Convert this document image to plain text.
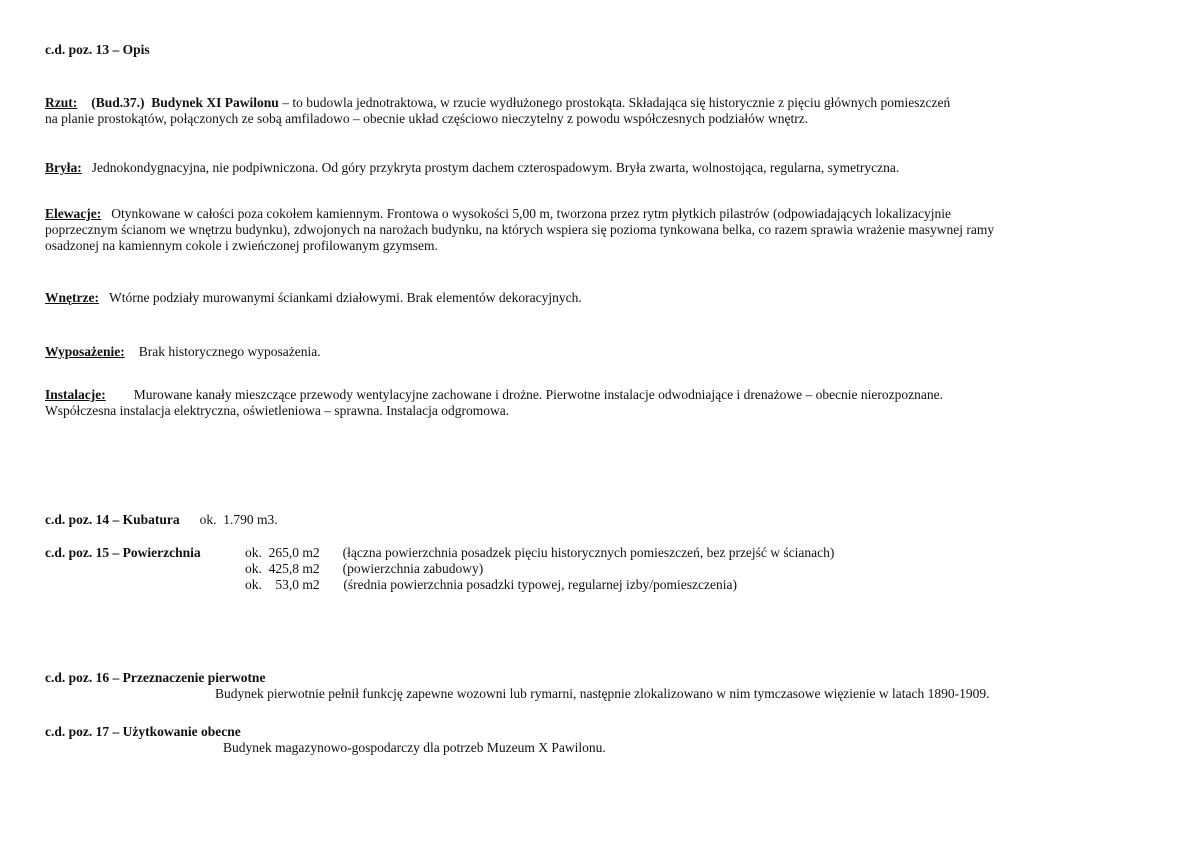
c.d. poz. 13 – Opis
Rzut: (Bud.37.) Budynek XI Pawilonu – to budowla jednotraktowa, w rzucie wydłużonego prostokąta. Składająca się historycznie z pięciu głównych pomieszczeń
na planie prostokątów, połączonych ze sobą amfiladowo – obecnie układ częściowo nieczytelny z powodu współczesnych podziałów wnętrz.
Bryła: Jednokondygnacyjna, nie podpiwniczona. Od góry przykryta prostym dachem czterospadowym. Bryła zwarta, wolnostojąca, regularna, symetryczna.
Elewacje: Otynkowane w całości poza cokołem kamiennym. Frontowa o wysokości 5,00 m, tworzona przez rytm płytkich pilastrów (odpowiadających lokalizacyjnie
poprzecznym ścianom we wnętrzu budynku), zdwojonych na narożach budynku, na których wspiera się pozioma tynkowana belka, co razem sprawia wrażenie masywnej ramy
osadzonej na kamiennym cokole i zwieńczonej profilowanym gzymsem.
Wnętrze: Wtórne podziały murowanymi ściankami działowymi. Brak elementów dekoracyjnych.
Wyposażenie: Brak historycznego wyposażenia.
Instalacje: Murowane kanały mieszczące przewody wentylacyjne zachowane i drożne. Pierwotne instalacje odwodniające i drenażowe – obecnie nierozpoznane.
Współczesna instalacja elektryczna, oświetleniowa – sprawna. Instalacja odgromowa.
c.d. poz. 14 – Kubatura ok.  1.790 m3.
c.d. poz. 15 – Powierzchnia	ok. 265,0 m2 (łączna powierzchnia posadzek pięciu historycznych pomieszczeń, bez przejść w ścianach)
ok. 425,8 m2 (powierzchnia zabudowy)
ok. 53,0 m2 (średnia powierzchnia posadzki typowej, regularnej izby/pomieszczenia)
c.d. poz. 16 – Przeznaczenie pierwotne
Budynek pierwotnie pełnił funkcję zapewne wozowni lub rymarni, następnie zlokalizowano w nim tymczasowe więzienie w latach 1890-1909.
c.d. poz. 17 – Użytkowanie obecne
Budynek magazynowo-gospodarczy dla potrzeb Muzeum X Pawilonu.
